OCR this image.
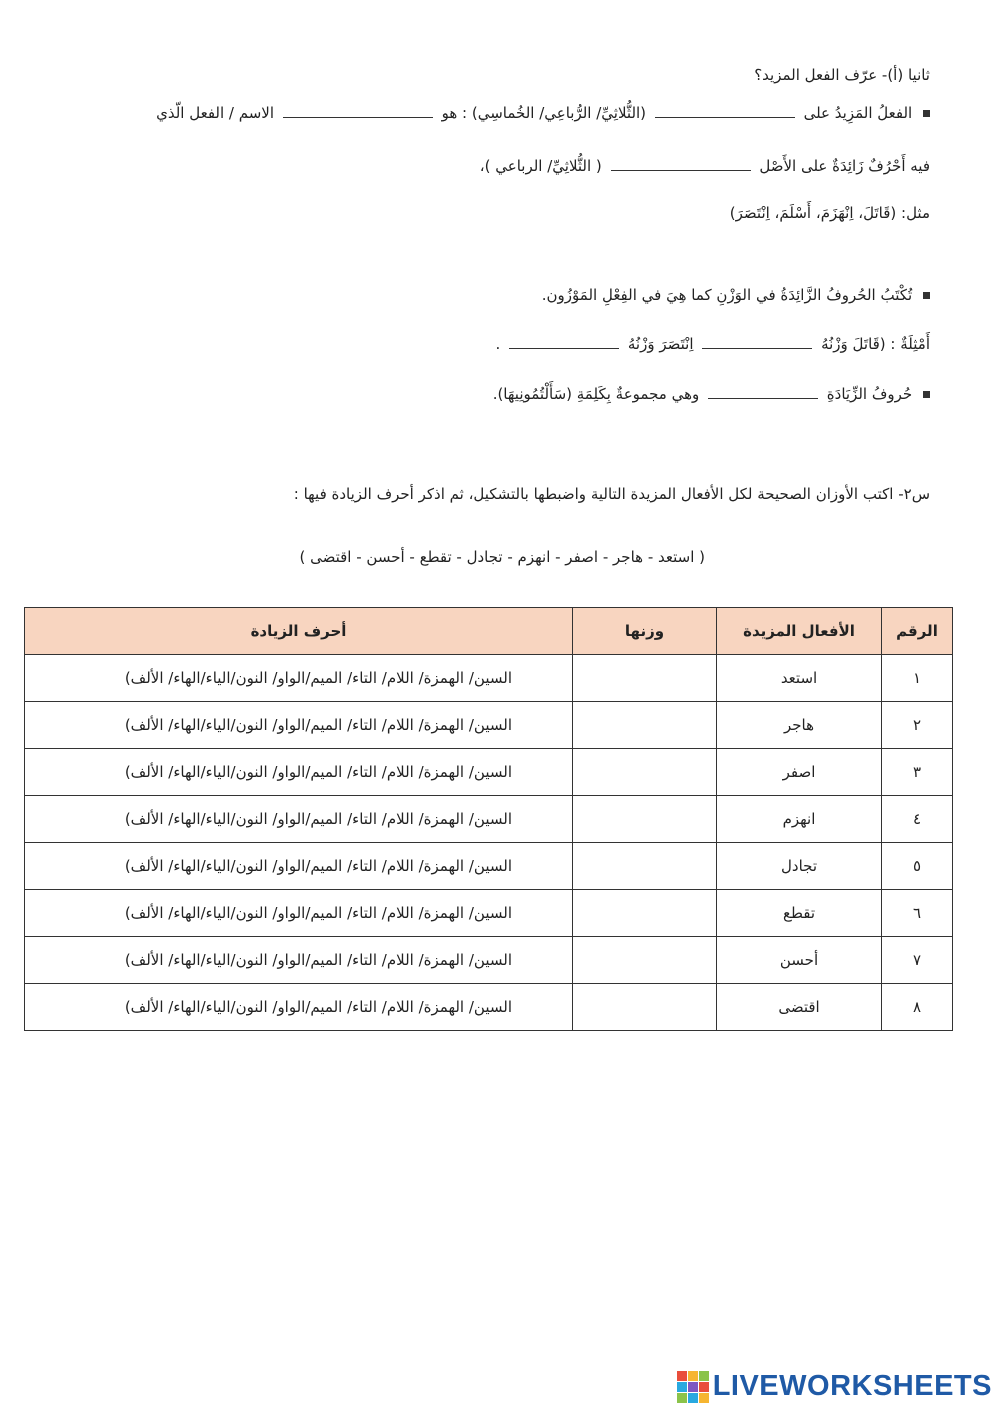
ثانيا (أ)- عرّف الفعل المزيد؟
الفعلُ المَزِيدُ على  (الثُّلاثِيِّ/ الرُّباعِي/ الخُماسِي) : هو  الاسم / الفعل الّذي
فيه أَحْرُفٌ زَائِدَةٌ على الأَصْل  ( الثُّلاثِيِّ/ الرباعي )،
مثل: (قَاتَلَ، اِنْهَزَمَ، أَسْلَمَ، اِنْتَصَرَ)
تُكْتَبُ الحُروفُ الزَّائِدَةُ في الوَزْنِ كما هِيَ في الفِعْلِ المَوْزُون.
أَمْثِلَةٌ : (قَاتَلَ وَزْنُهُ  اِنْتَصَرَ وَزْنُهُ  .
حُروفُ الزِّيَادَةِ  وهي مجموعةٌ بِكَلِمَةِ (سَأَلْتُمُونِيهَا).
س٢- اكتب الأوزان الصحيحة لكل الأفعال المزيدة التالية واضبطها بالتشكيل، ثم اذكر أحرف الزيادة فيها :
( استعد - هاجر - اصفر - انهزم - تجادل - تقطع - أحسن - اقتضى )
الرقم	الأفعال المزيدة	وزنها	أحرف الزيادة
١	استعد		السين/ الهمزة/ اللام/ التاء/ الميم/الواو/ النون/الياء/الهاء/ الألف)
٢	هاجر		السين/ الهمزة/ اللام/ التاء/ الميم/الواو/ النون/الياء/الهاء/ الألف)
٣	اصفر		السين/ الهمزة/ اللام/ التاء/ الميم/الواو/ النون/الياء/الهاء/ الألف)
٤	انهزم		السين/ الهمزة/ اللام/ التاء/ الميم/الواو/ النون/الياء/الهاء/ الألف)
٥	تجادل		السين/ الهمزة/ اللام/ التاء/ الميم/الواو/ النون/الياء/الهاء/ الألف)
٦	تقطع		السين/ الهمزة/ اللام/ التاء/ الميم/الواو/ النون/الياء/الهاء/ الألف)
٧	أحسن		السين/ الهمزة/ اللام/ التاء/ الميم/الواو/ النون/الياء/الهاء/ الألف)
٨	اقتضى		السين/ الهمزة/ اللام/ التاء/ الميم/الواو/ النون/الياء/الهاء/ الألف)
LIVEWORKSHEETS
